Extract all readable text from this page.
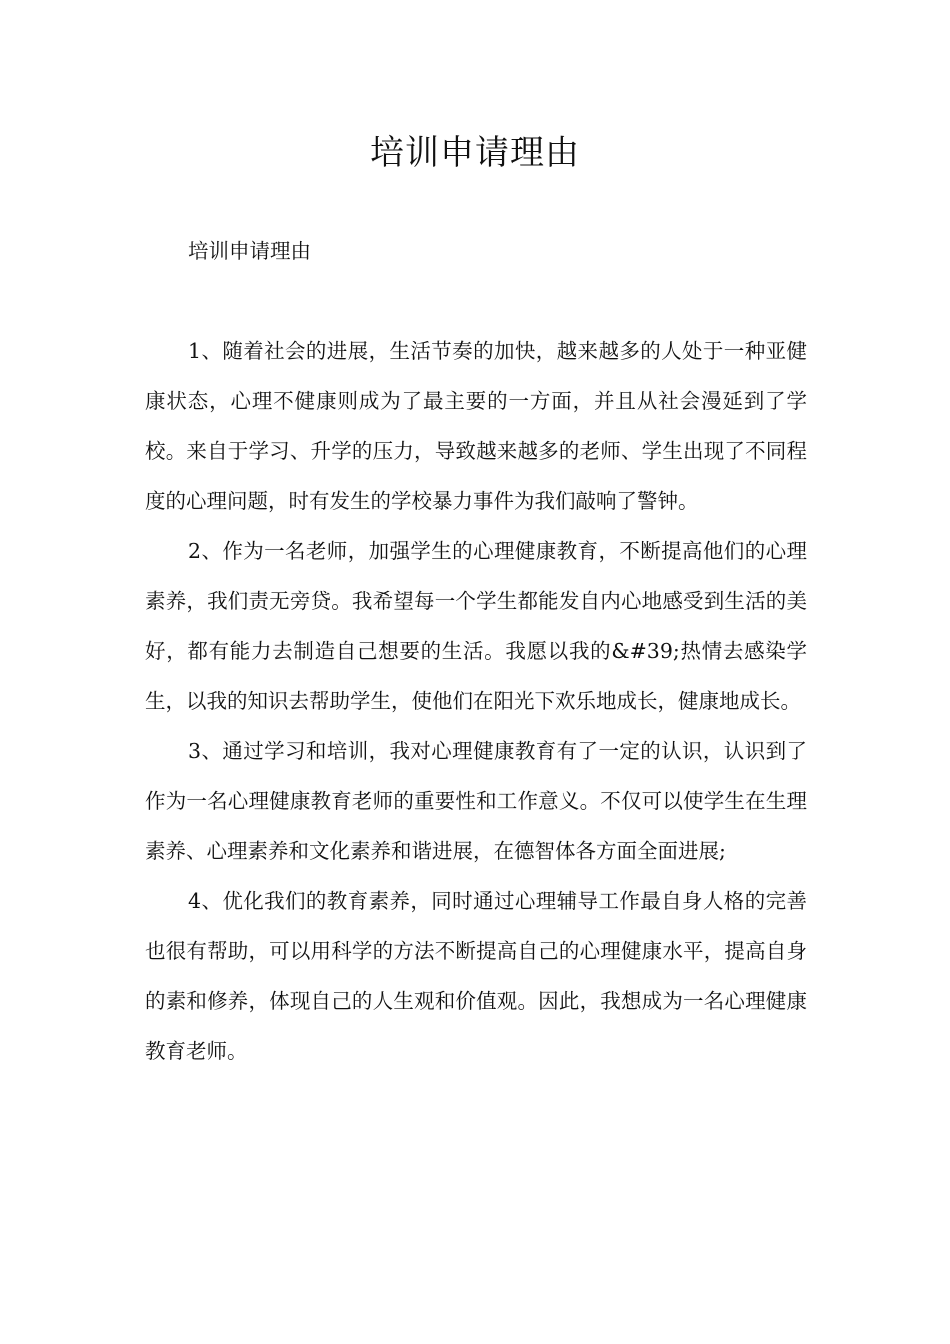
培训申请理由

培训申请理由

1、随着社会的进展，生活节奏的加快，越来越多的人处于一种亚健康状态，心理不健康则成为了最主要的一方面，并且从社会漫延到了学校。来自于学习、升学的压力，导致越来越多的老师、学生出现了不同程度的心理问题，时有发生的学校暴力事件为我们敲响了警钟。

2、作为一名老师，加强学生的心理健康教育，不断提高他们的心理素养，我们责无旁贷。我希望每一个学生都能发自内心地感受到生活的美好，都有能力去制造自己想要的生活。我愿以我的&#39;热情去感染学生，以我的知识去帮助学生，使他们在阳光下欢乐地成长，健康地成长。

3、通过学习和培训，我对心理健康教育有了一定的认识，认识到了作为一名心理健康教育老师的重要性和工作意义。不仅可以使学生在生理素养、心理素养和文化素养和谐进展，在德智体各方面全面进展;

4、优化我们的教育素养，同时通过心理辅导工作最自身人格的完善也很有帮助，可以用科学的方法不断提高自己的心理健康水平，提高自身的素和修养，体现自己的人生观和价值观。因此，我想成为一名心理健康教育老师。
